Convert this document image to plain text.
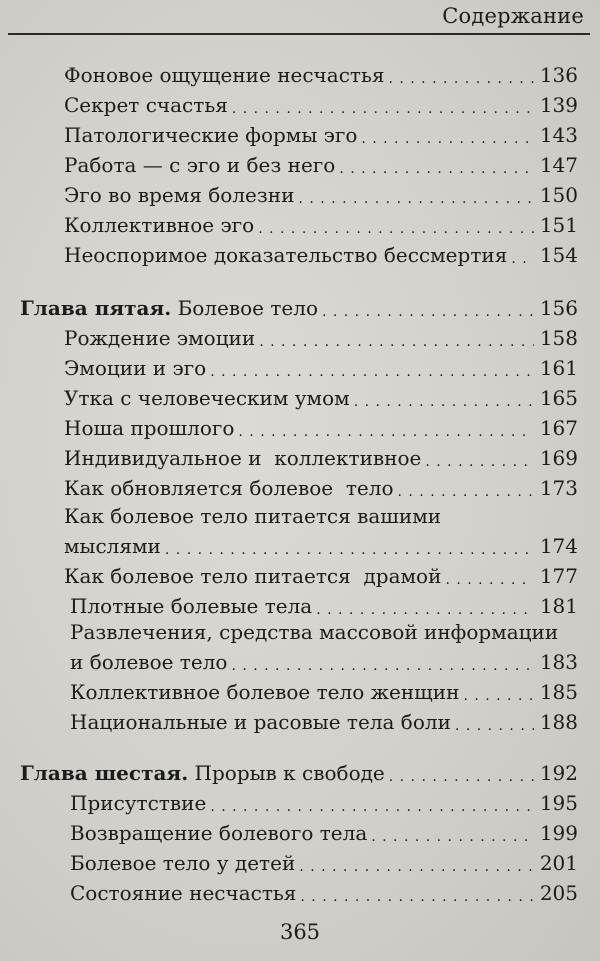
Содержание
Фоновое ощущение несчастья . . .	136
Секрет счастья . . .	139
Патологические формы эго . . .	143
Работа — с эго и без него . . .	147
Эго во время болезни . . .	150
Коллективное эго . . .	151
Неоспоримое доказательство бессмертия . . . 154
Глава пятая. Болевое тело . . .	156
Рождение эмоции . . .	158
Эмоции и эго . . .	161
Утка с человеческим умом . . .	165
Ноша прошлого . . .	167
Индивидуальное и  коллективное . . .	169
Как обновляется болевое  тело . . .	173
Как болевое тело питается вашими
мыслями . . .	174
Как болевое тело питается  драмой . . .	177
Плотные болевые тела . . .	181
Развлечения, средства массовой информации
и болевое тело . . .	183
Коллективное болевое тело женщин . . .	185
Национальные и расовые тела боли . . .	188
Глава шестая. Прорыв к свободе . . .	192
Присутствие . . .	195
Возвращение болевого тела . . .	199
Болевое тело у детей . . .	201
Состояние несчастья . . .	205
365
